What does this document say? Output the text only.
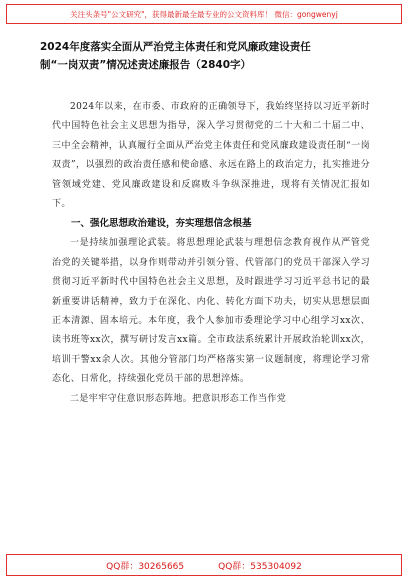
关注头条号"公文研究"，获得最新最全最专业的公文资料库！ 微信：gongwenyj
2024年度落实全面从严治党主体责任和党风廉政建设责任
制“一岗双责”情况述责述廉报告（2840字）

2024年以来，在市委、市政府的正确领导下，我始终坚持以习近平新时代中国特色社会主义思想为指导，深入学习贯彻党的二十大和二十届二中、三中全会精神，认真履行全面从严治党主体责任和党风廉政建设责任制“一岗双责”，以强烈的政治责任感和使命感、永远在路上的政治定力，扎实推进分管领域党建、党风廉政建设和反腐败斗争纵深推进，现将有关情况汇报如下。

一、强化思想政治建设，夯实理想信念根基

一是持续加强理论武装。将思想理论武装与理想信念教育视作从严管党治党的关键举措，以身作则带动并引领分管、代管部门的党员干部深入学习贯彻习近平新时代中国特色社会主义思想，及时跟进学习习近平总书记的最新重要讲话精神，致力于在深化、内化、转化方面下功夫，切实从思想层面正本清源、固本培元。本年度，我个人参加市委理论学习中心组学习xx次、读书班等xx次，撰写研讨发言xx篇。全市政法系统累计开展政治轮训xx次，培训干警xx余人次。其他分管部门均严格落实第一议题制度，将理论学习常态化、日常化，持续强化党员干部的思想淬炼。

二是牢牢守住意识形态阵地。把意识形态工作当作党

QQ群：30265665	QQ群：535304092
